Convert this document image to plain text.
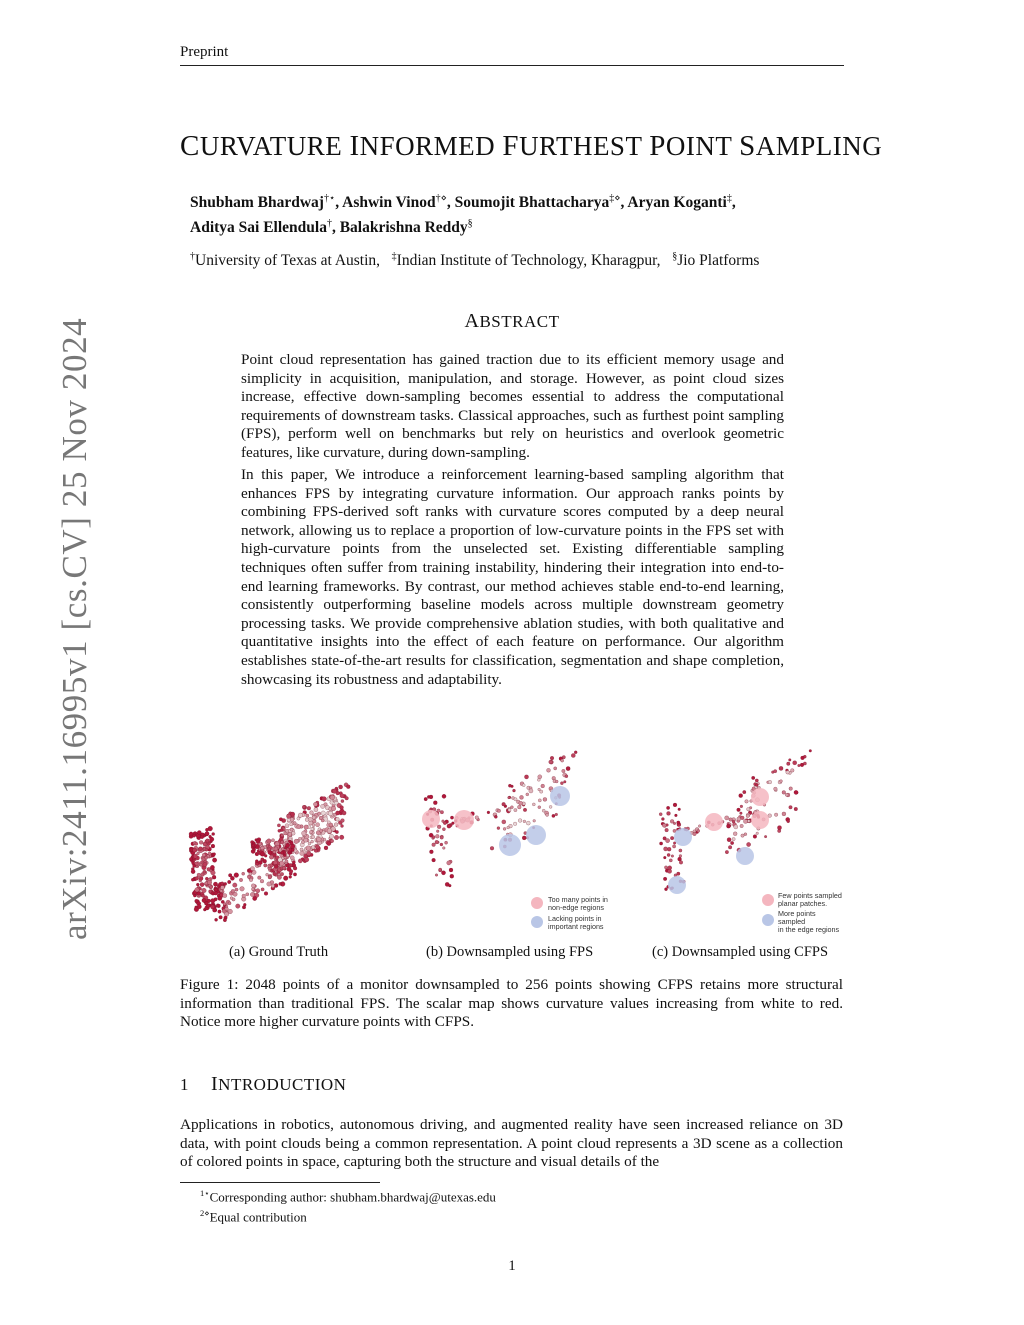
Preprint
arXiv:2411.16995v1 [cs.CV] 25 Nov 2024
CURVATURE INFORMED FURTHEST POINT SAMPLING
Shubham Bhardwaj†⋆, Ashwin Vinod†⋄, Soumojit Bhattacharya‡⋄, Aryan Koganti‡,
Aditya Sai Ellendula†, Balakrishna Reddy§
†University of Texas at Austin, ‡Indian Institute of Technology, Kharagpur, §Jio Platforms
ABSTRACT
Point cloud representation has gained traction due to its efficient memory usage and simplicity in acquisition, manipulation, and storage. However, as point cloud sizes increase, effective down-sampling becomes essential to address the computational requirements of downstream tasks. Classical approaches, such as furthest point sampling (FPS), perform well on benchmarks but rely on heuristics and overlook geometric features, like curvature, during down-sampling.
In this paper, We introduce a reinforcement learning-based sampling algorithm that enhances FPS by integrating curvature information. Our approach ranks points by combining FPS-derived soft ranks with curvature scores computed by a deep neural network, allowing us to replace a proportion of low-curvature points in the FPS set with high-curvature points from the unselected set. Existing differentiable sampling techniques often suffer from training instability, hindering their integration into end-to-end learning frameworks. By contrast, our method achieves stable end-to-end learning, consistently outperforming baseline models across multiple downstream geometry processing tasks. We provide comprehensive ablation studies, with both qualitative and quantitative insights into the effect of each feature on performance. Our algorithm establishes state-of-the-art results for classification, segmentation and shape completion, showcasing its robustness and adaptability.
Too many points in
non-edge regions
Lacking points in
important regions
Few points sampled at
planar patches.
More points
sampled
in the edge regions
(a) Ground Truth	(b) Downsampled using FPS	(c) Downsampled using CFPS
Figure 1: 2048 points of a monitor downsampled to 256 points showing CFPS retains more structural information than traditional FPS. The scalar map shows curvature values increasing from white to red. Notice more higher curvature points with CFPS.
1 INTRODUCTION
Applications in robotics, autonomous driving, and augmented reality have seen increased reliance on 3D data, with point clouds being a common representation. A point cloud represents a 3D scene as a collection of colored points in space, capturing both the structure and visual details of the
$^{1⋆}$Corresponding author: shubham.bhardwaj@utexas.edu
$^{2⋄}$Equal contribution
1
